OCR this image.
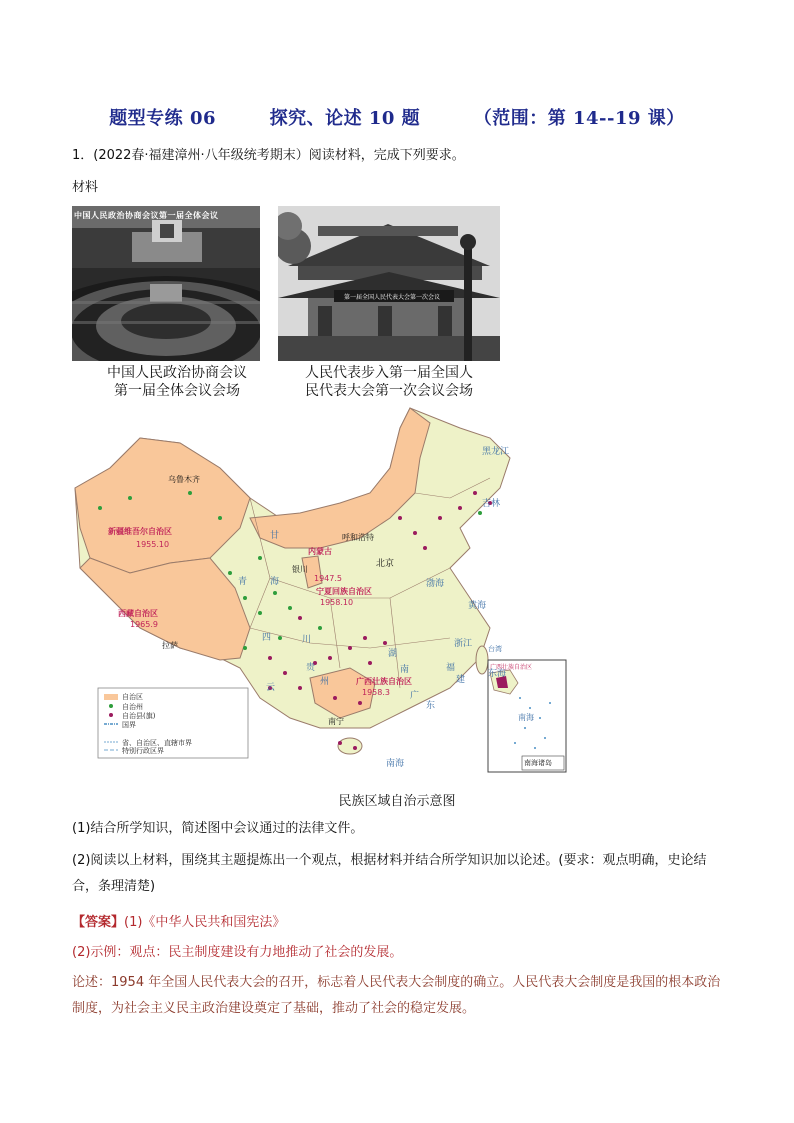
题型专练 06	探究、论述 10 题	（范围：第 14--19 课）
1．(2022春·福建漳州·八年级统考期末）阅读材料，完成下列要求。
材料
中国人民政治协商会议第一届全体会议
第一届全国人民代表大会第一次会议
中国人民政治协商会议
第一届全体会议会场
人民代表步入第一届全国人
民代表大会第一次会议会场
新疆维吾尔自治区
1955.10
内蒙古
1947.5
宁夏回族自治区
1958.10
西藏自治区
1965.9
广西壮族自治区
1958.3
乌鲁木齐
呼和浩特
北京
银川
拉萨
南宁
黑龙江
吉林
甘
青	海
四	川
湖
南
广
东
贵
州
云
浙江
福
建
台湾
渤海
黄海
东海
南海
广西壮族自治区
南海
南海诸岛
自治区
自治州
自治县(旗)
国界
省、自治区、直辖市界
特别行政区界
民族区域自治示意图
(1)结合所学知识，简述图中会议通过的法律文件。
(2)阅读以上材料，围绕其主题提炼出一个观点，根据材料并结合所学知识加以论述。(要求：观点明确，史论结合，条理清楚)
【答案】(1)《中华人民共和国宪法》
(2)示例：观点：民主制度建设有力地推动了社会的发展。
论述：1954 年全国人民代表大会的召开，标志着人民代表大会制度的确立。人民代表大会制度是我国的根本政治制度，为社会主义民主政治建设奠定了基础，推动了社会的稳定发展。
